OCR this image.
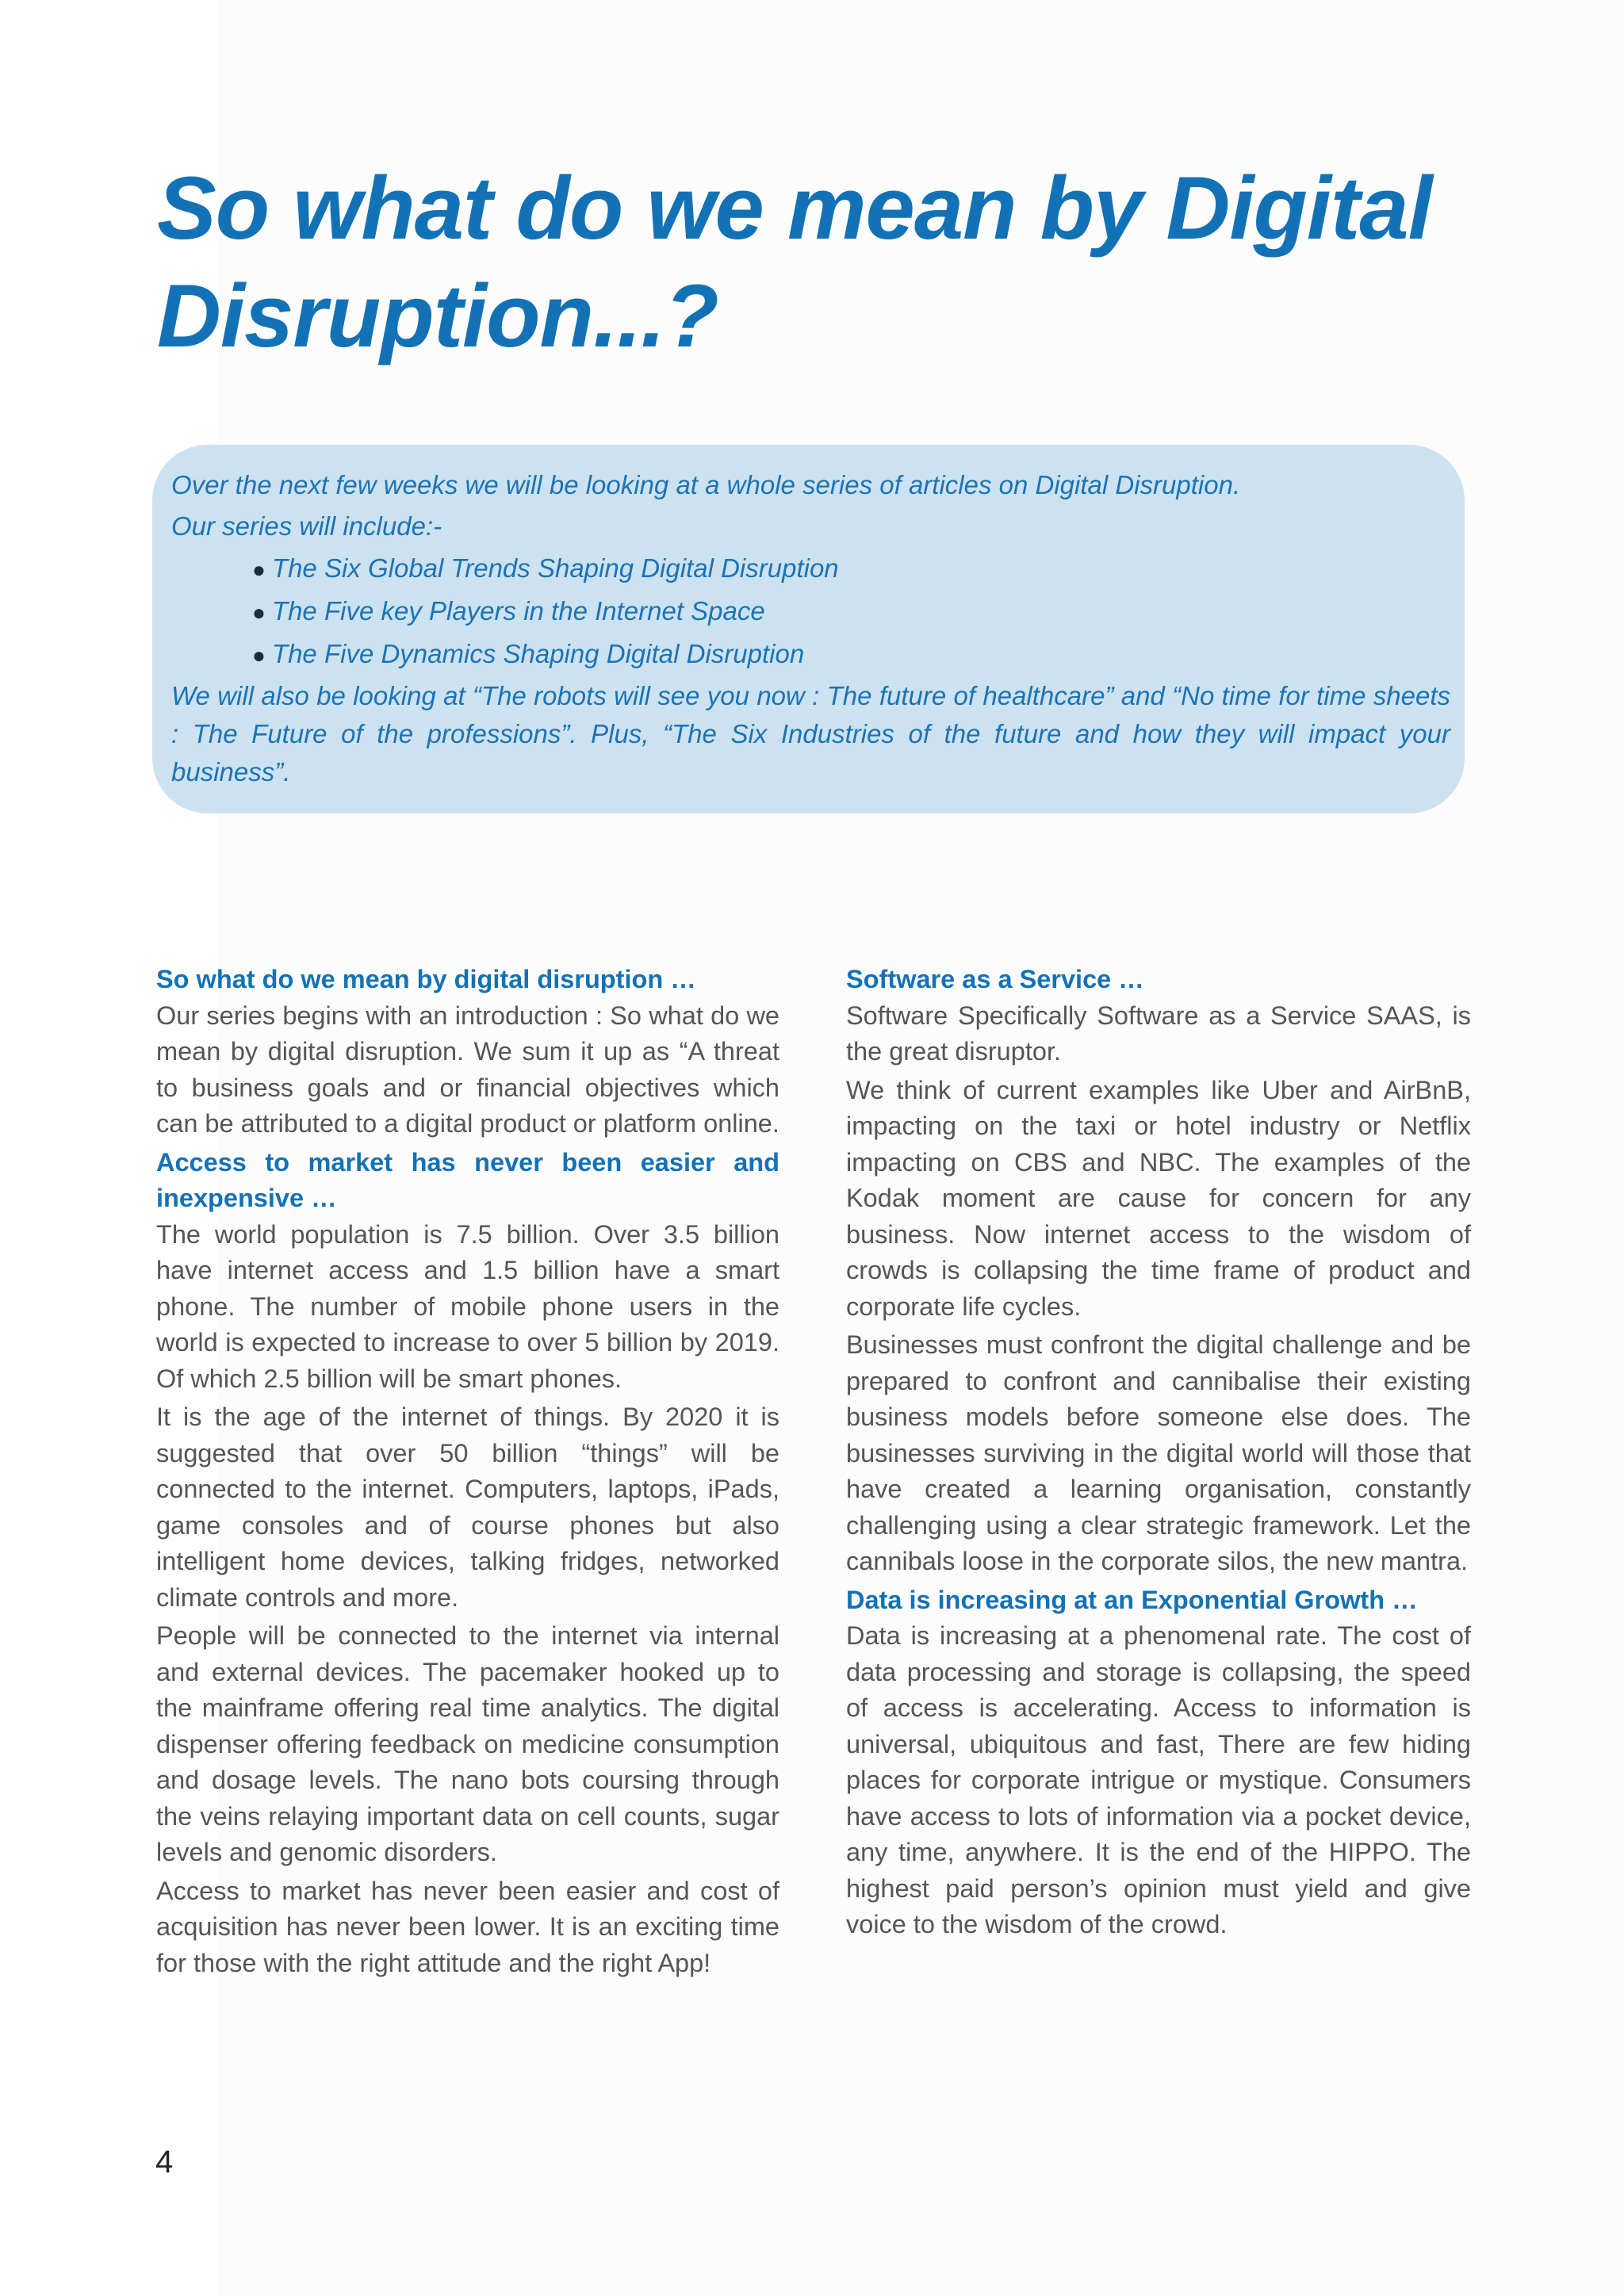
So what do we mean by Digital Disruption...?
Over the next few weeks we will be looking at a whole series of articles on Digital Disruption.
Our series will include:-
● The Six Global Trends Shaping Digital Disruption
● The Five key Players in the Internet Space
● The Five Dynamics Shaping Digital Disruption
We will also be looking at “The robots will see you now : The future of healthcare” and “No time for time sheets : The Future of the professions”. Plus, “The Six Industries of the future and how they will impact your business”.
So what do we mean by digital disruption …

Our series begins with an introduction : So what do we mean by digital disruption. We sum it up as “A threat to business goals and or financial objectives which can be attributed to a digital product or platform online.

Access to market has never been easier and inexpensive …

The world population is 7.5 billion. Over 3.5 billion have internet access and 1.5 billion have a smart phone. The number of mobile phone users in the world is expected to increase to over 5 billion by 2019. Of which 2.5 billion will be smart phones.

It is the age of the internet of things. By 2020 it is suggested that over 50 billion “things” will be connected to the internet. Computers, laptops, iPads, game consoles and of course phones but also intelligent home devices, talking fridges, networked climate controls and more.

People will be connected to the internet via internal and external devices. The pacemaker hooked up to the mainframe offering real time analytics. The digital dispenser offering feedback on medicine consumption and dosage levels. The nano bots coursing through the veins relaying important data on cell counts, sugar levels and genomic disorders.

Access to market has never been easier and cost of acquisition has never been lower. It is an exciting time for those with the right attitude and the right App!

Software as a Service …

Software Specifically Software as a Service SAAS, is the great disruptor.

We think of current examples like Uber and AirBnB, impacting on the taxi or hotel industry or Netflix impacting on CBS and NBC. The examples of the Kodak moment are cause for concern for any business. Now internet access to the wisdom of crowds is collapsing the time frame of product and corporate life cycles.

Businesses must confront the digital challenge and be prepared to confront and cannibalise their existing business models before someone else does. The businesses surviving in the digital world will those that have created a learning organisation, constantly challenging using a clear strategic framework. Let the cannibals loose in the corporate silos, the new mantra.

Data is increasing at an Exponential Growth …

Data is increasing at a phenomenal rate. The cost of data processing and storage is collapsing, the speed of access is accelerating. Access to information is universal, ubiquitous and fast, There are few hiding places for corporate intrigue or mystique. Consumers have access to lots of information via a pocket device, any time, anywhere. It is the end of the HIPPO. The highest paid person’s opinion must yield and give voice to the wisdom of the crowd.

4
